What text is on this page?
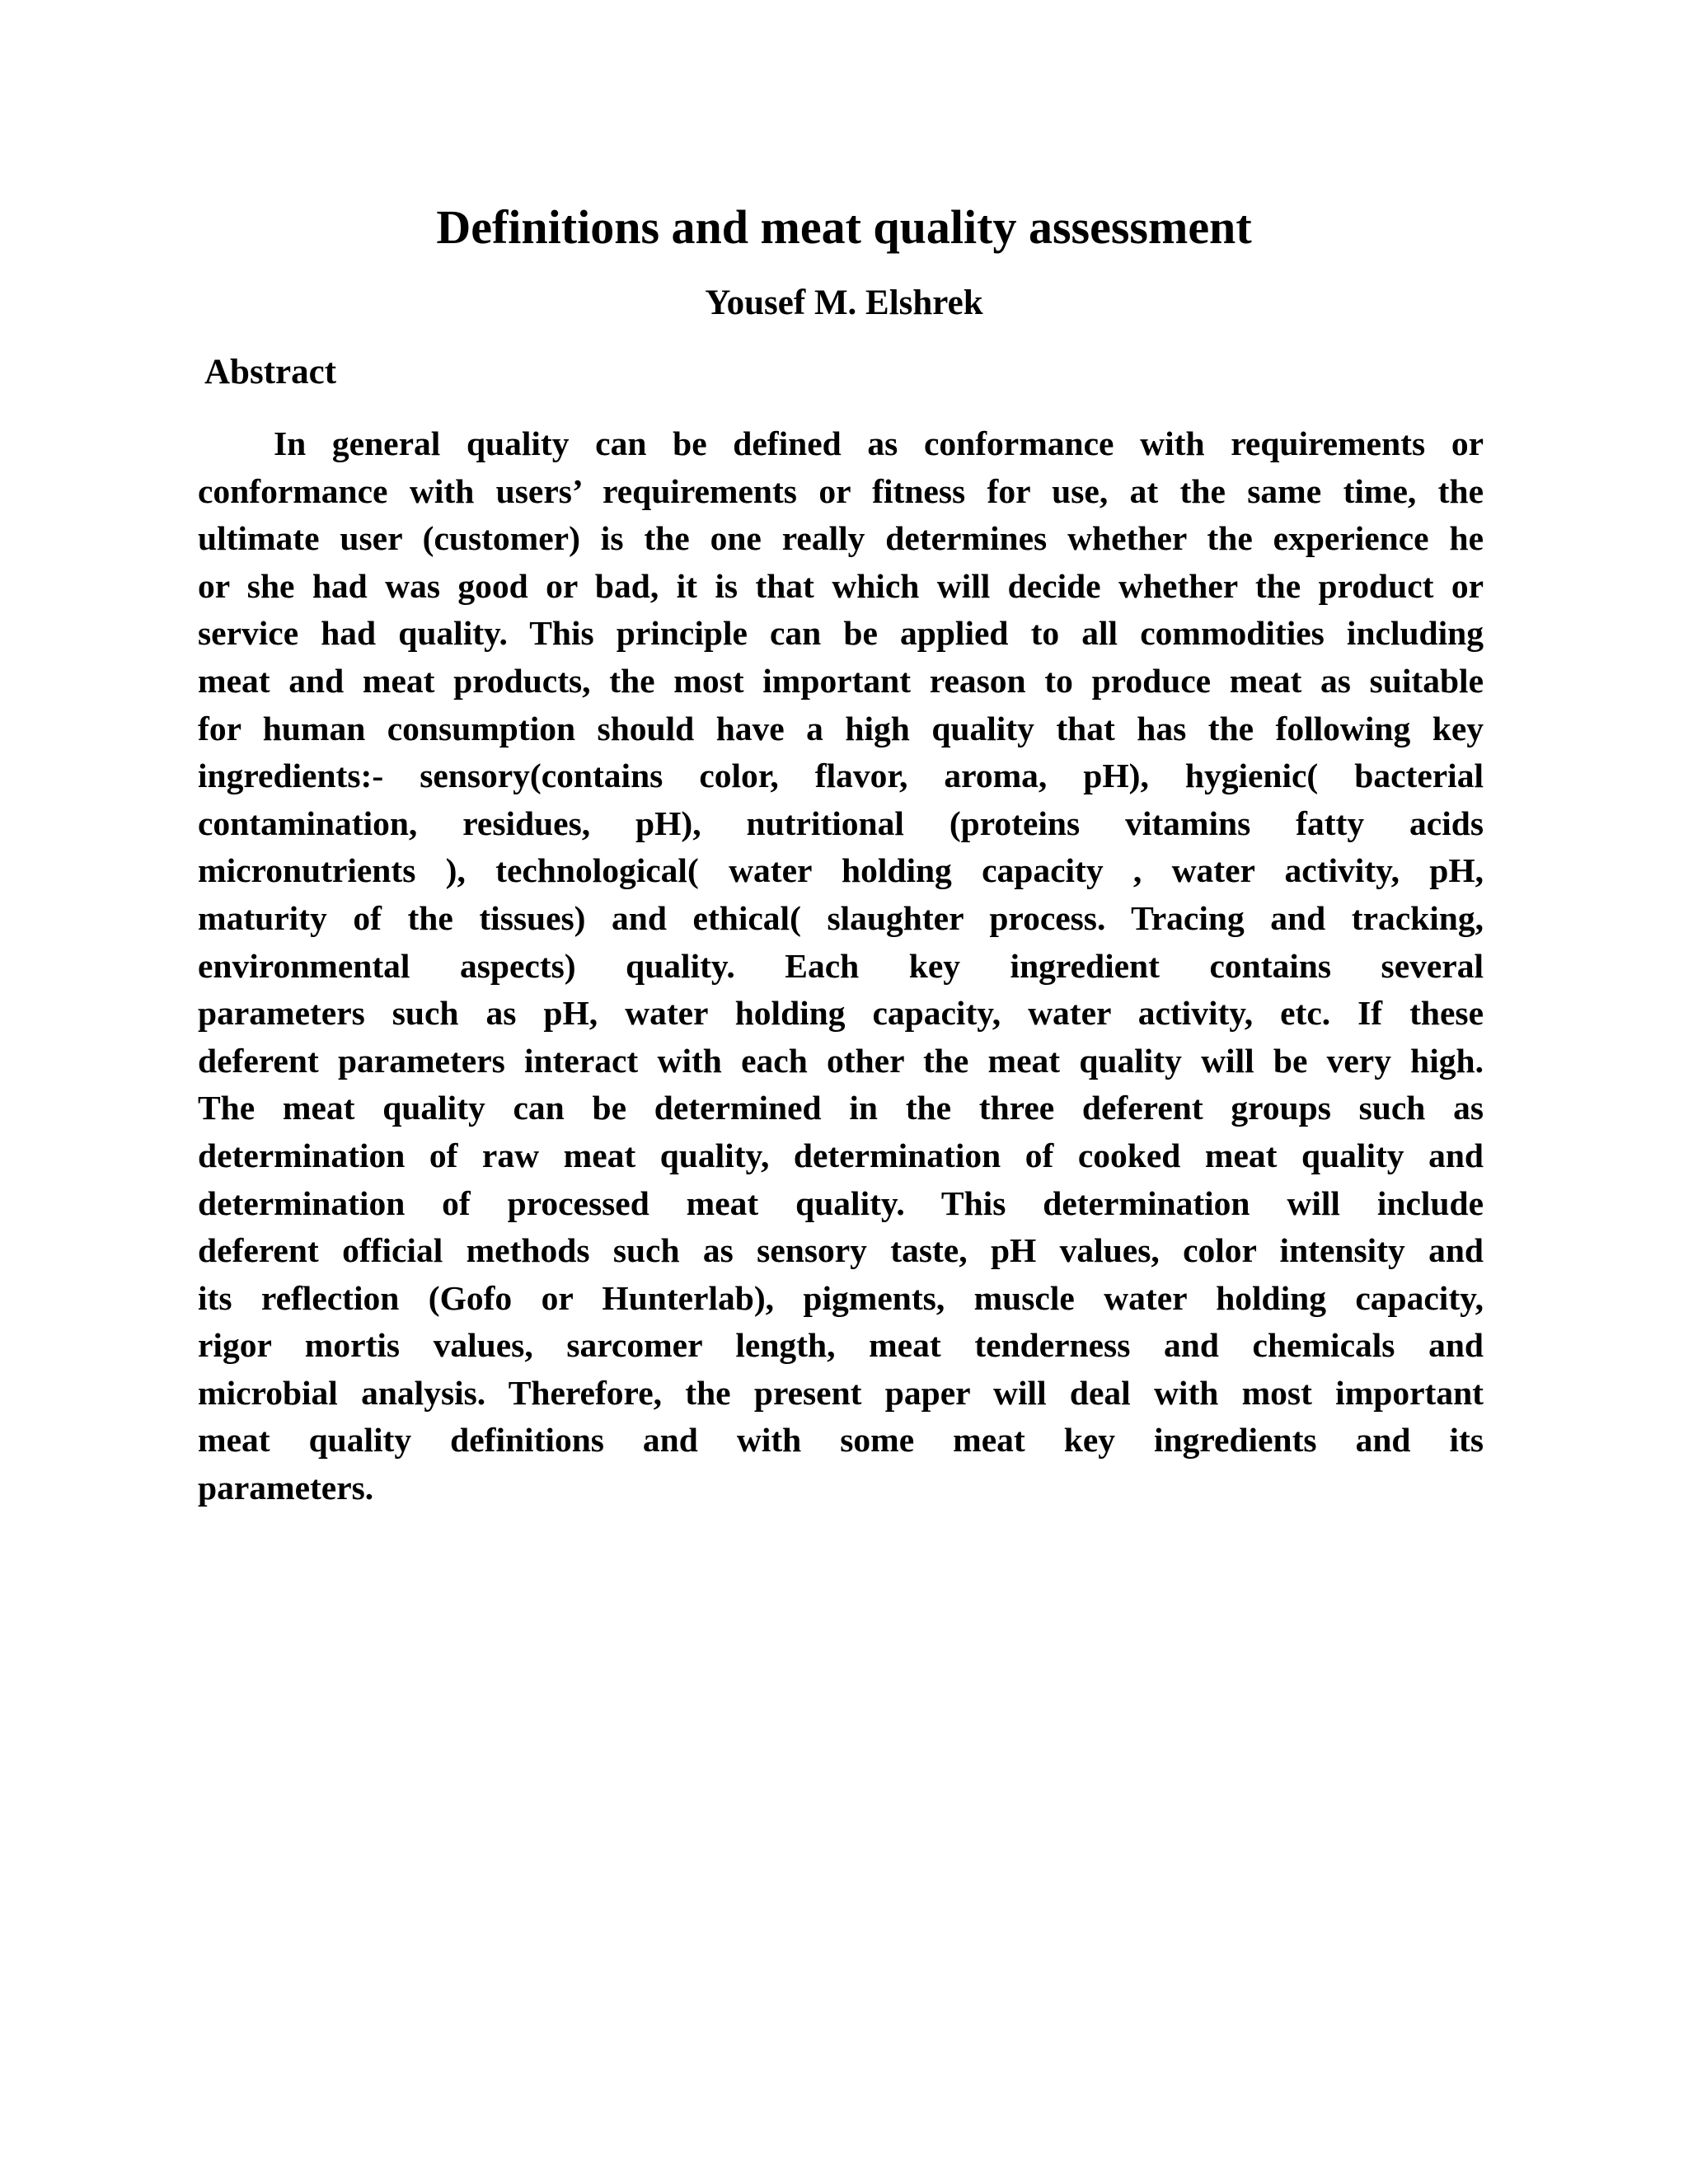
Definitions and meat quality assessment
Yousef M. Elshrek
Abstract
In general quality can be defined as conformance with requirements or
conformance with users’ requirements or fitness for use, at the same time, the
ultimate user (customer) is the one really determines whether the experience he
or she had was good or bad, it is that which will decide whether the product or
service had quality. This principle can be applied to all commodities including
meat and meat products, the most important reason to produce meat as suitable
for human consumption should have a high quality that has the following key
ingredients:- sensory(contains color, flavor, aroma, pH), hygienic( bacterial
contamination, residues, pH), nutritional (proteins vitamins fatty acids
micronutrients ), technological( water holding capacity , water activity, pH,
maturity of the tissues) and ethical( slaughter process. Tracing and tracking,
environmental aspects) quality. Each key ingredient contains several
parameters such as pH, water holding capacity, water activity, etc. If these
deferent parameters interact with each other the meat quality will be very high.
The meat quality can be determined in the three deferent groups such as
determination of raw meat quality, determination of cooked meat quality and
determination of processed meat quality. This determination will include
deferent official methods such as sensory taste, pH values, color intensity and
its reflection (Gofo or Hunterlab), pigments, muscle water holding capacity,
rigor mortis values, sarcomer length, meat tenderness and chemicals and
microbial analysis. Therefore, the present paper will deal with most important
meat quality definitions and with some meat key ingredients and its
parameters.
